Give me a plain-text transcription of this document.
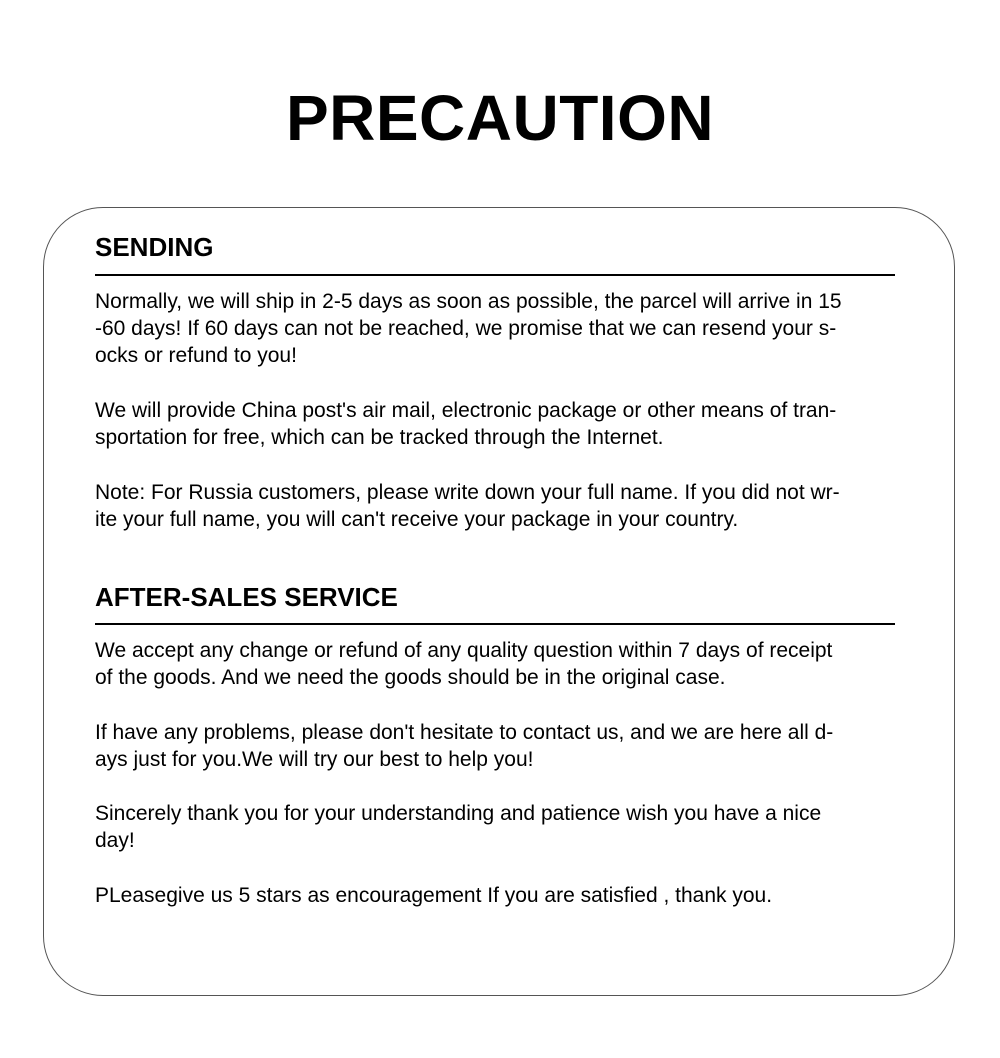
PRECAUTION
SENDING
Normally, we will ship in 2-5 days as soon as possible, the parcel will arrive in 15
-60 days! If 60 days can not be reached, we promise that we can resend your s-
ocks or refund to you!
We will provide China post's air mail, electronic package or other means of tran-
sportation for free, which can be tracked through the Internet.
Note: For Russia customers, please write down your full name. If you did not wr-
ite your full name, you will can't receive your package in your country.
AFTER-SALES SERVICE
We accept any change or refund of any quality question within 7 days of receipt
of the goods. And we need the goods should be in the original case.
If have any problems, please don't hesitate to contact us, and we are here all d-
ays just for you.We will try our best to help you!
Sincerely thank you for your understanding and patience wish you have a nice
day!
PLeasegive us 5 stars as encouragement If you are satisfied , thank you.
